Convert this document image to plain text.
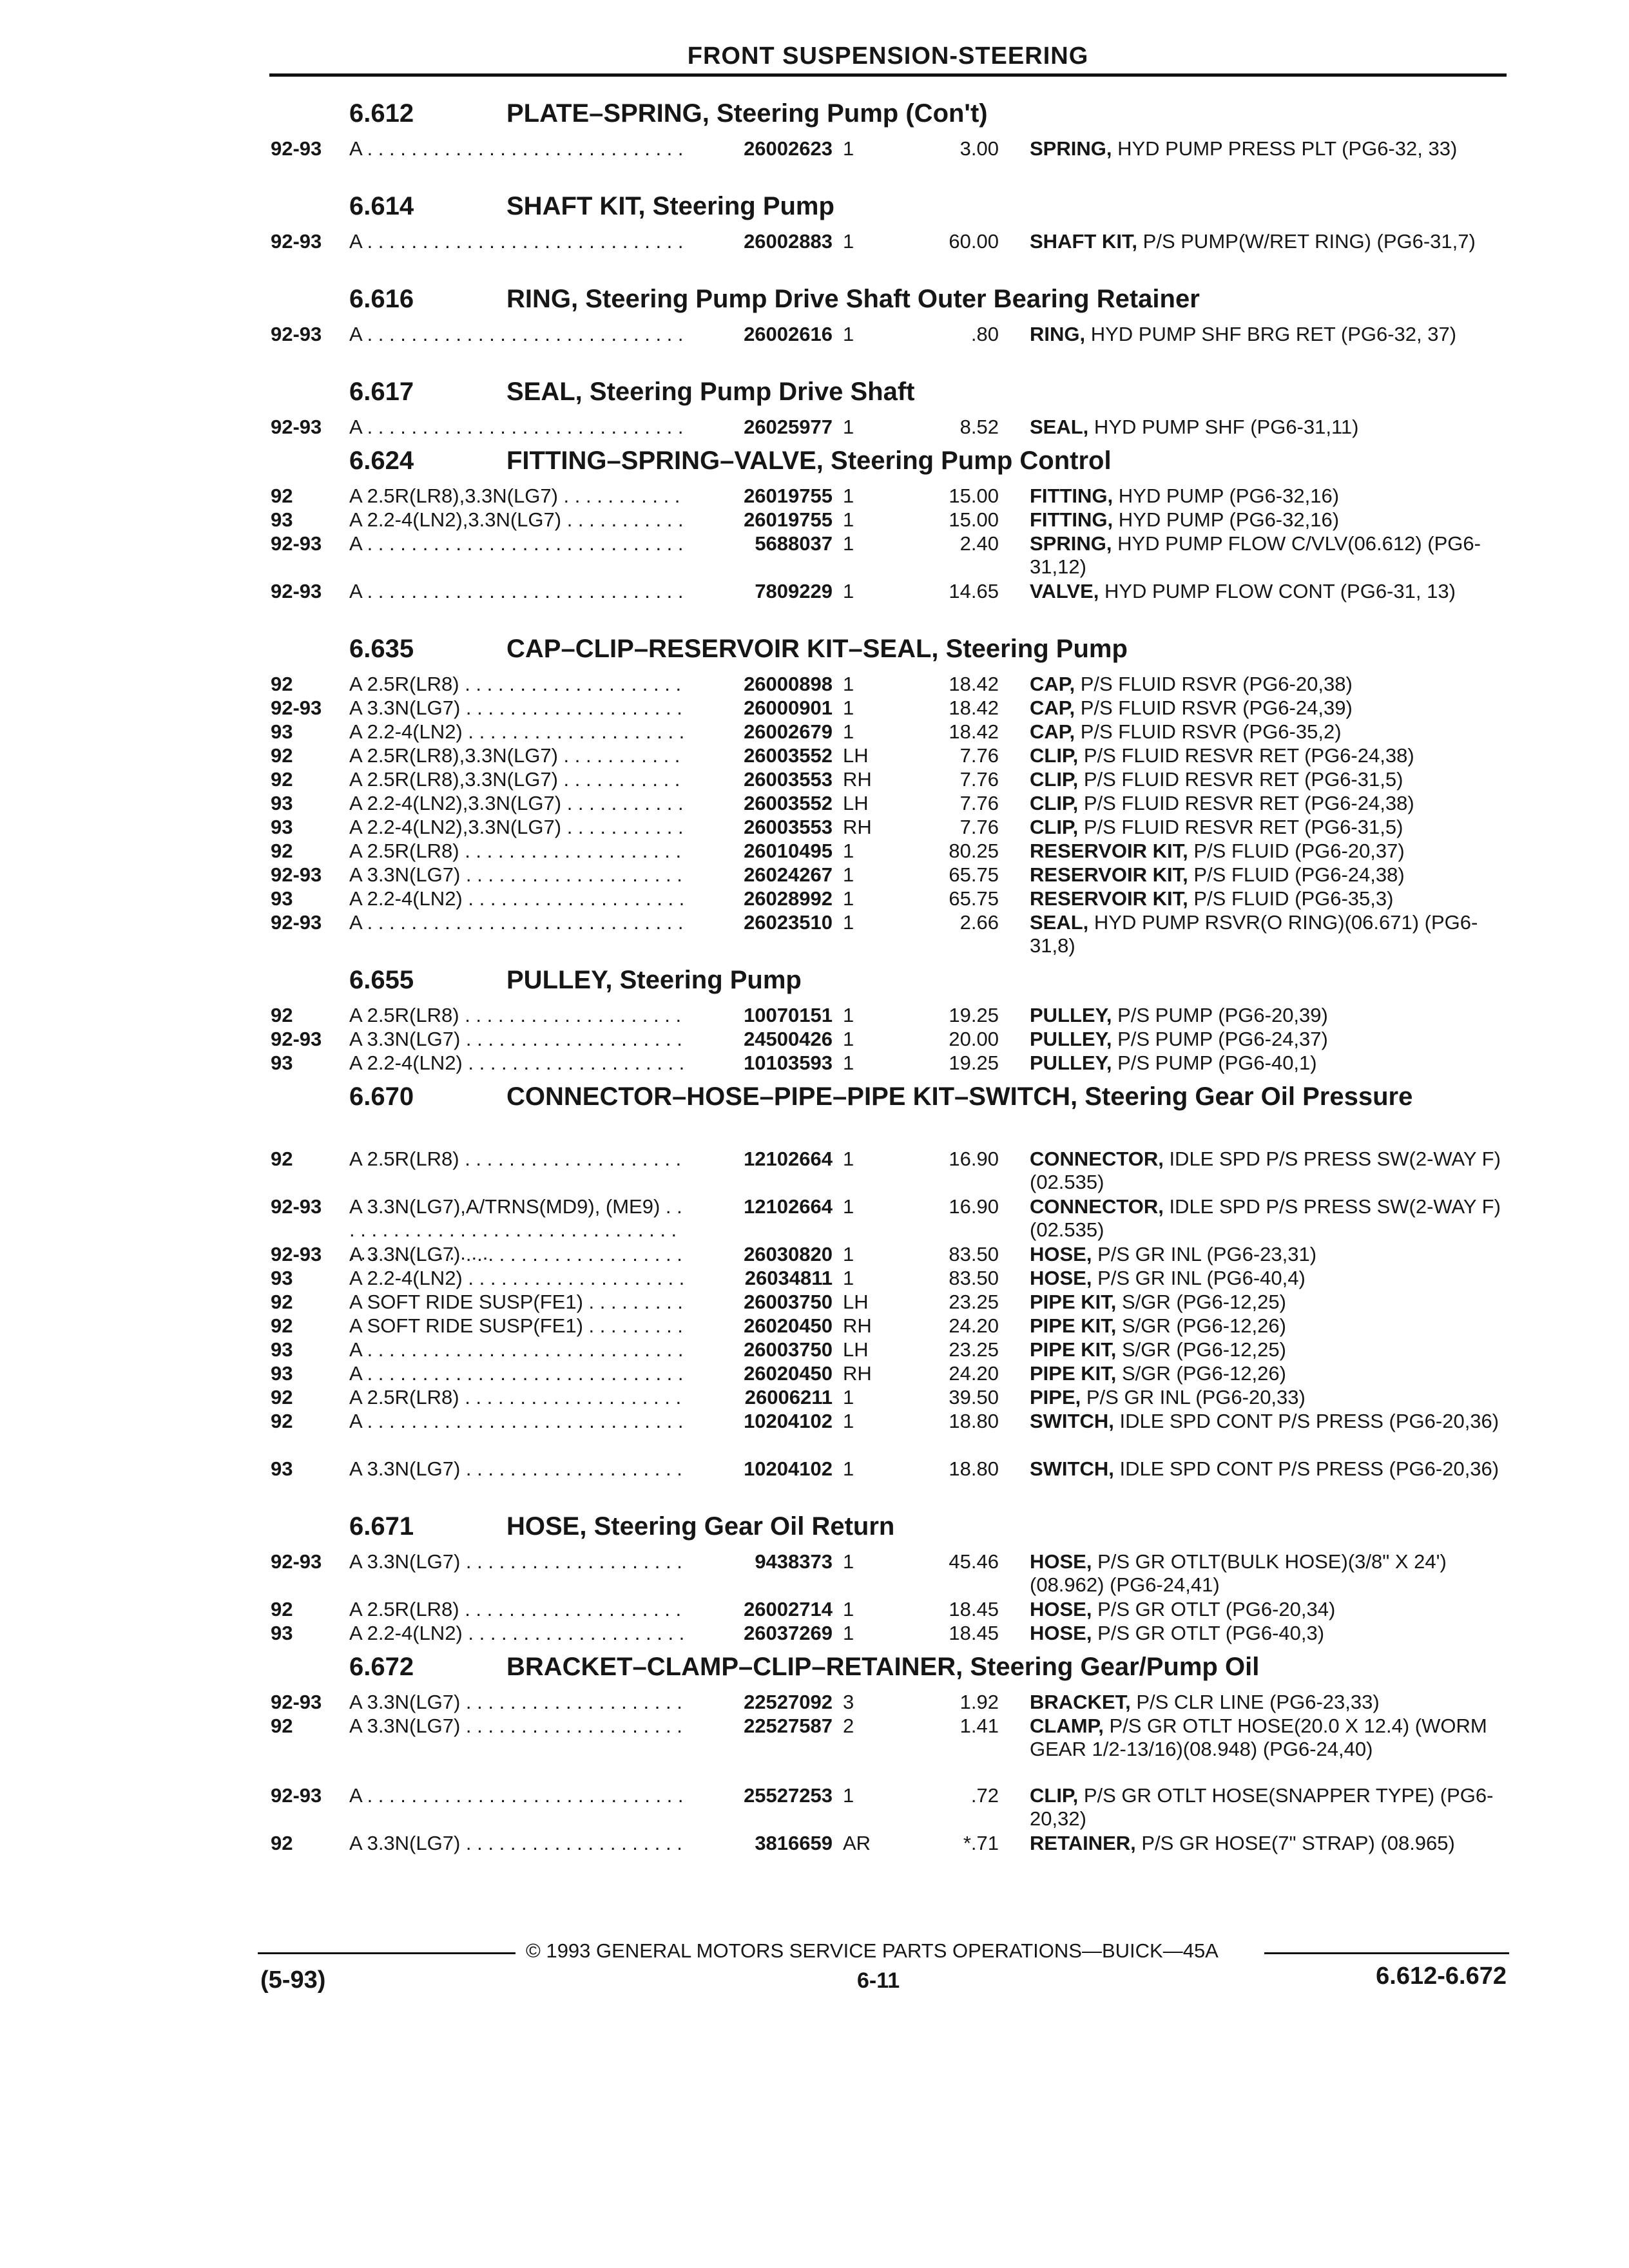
FRONT SUSPENSION-STEERING
6.612	PLATE–SPRING, Steering Pump (Con't)
92-93 A . . .	26002623 1	3.00 SPRING, HYD PUMP PRESS PLT (PG6-32, 33)
6.614	SHAFT KIT, Steering Pump
92-93 A . . .	26002883 1	60.00 SHAFT KIT, P/S PUMP(W/RET RING) (PG6-31,7)
6.616	RING, Steering Pump Drive Shaft Outer Bearing Retainer
92-93 A . . .	26002616 1	.80 RING, HYD PUMP SHF BRG RET (PG6-32, 37)
6.617	SEAL, Steering Pump Drive Shaft
92-93 A . . .	26025977 1	8.52 SEAL, HYD PUMP SHF (PG6-31,11)
6.624	FITTING–SPRING–VALVE, Steering Pump Control
92	A 2.5R(LR8),3.3N(LG7) . . .	26019755 1	15.00 FITTING, HYD PUMP (PG6-32,16)
93	A 2.2-4(LN2),3.3N(LG7) . . .	26019755 1	15.00 FITTING, HYD PUMP (PG6-32,16)
92-93 A . . .	5688037 1	2.40 SPRING, HYD PUMP FLOW C/VLV(06.612) (PG6-31,12)
92-93 A . . .	7809229 1	14.65 VALVE, HYD PUMP FLOW CONT (PG6-31, 13)
6.635	CAP–CLIP–RESERVOIR KIT–SEAL, Steering Pump
92	A 2.5R(LR8) . . .	26000898 1	18.42 CAP, P/S FLUID RSVR (PG6-20,38)
92-93 A 3.3N(LG7) . . .	26000901 1	18.42 CAP, P/S FLUID RSVR (PG6-24,39)
93	A 2.2-4(LN2) . . .	26002679 1	18.42 CAP, P/S FLUID RSVR (PG6-35,2)
92	A 2.5R(LR8),3.3N(LG7) . . .	26003552 LH	7.76 CLIP, P/S FLUID RESVR RET (PG6-24,38)
92	A 2.5R(LR8),3.3N(LG7) . . .	26003553 RH	7.76 CLIP, P/S FLUID RESVR RET (PG6-31,5)
93	A 2.2-4(LN2),3.3N(LG7) . . .	26003552 LH	7.76 CLIP, P/S FLUID RESVR RET (PG6-24,38)
93	A 2.2-4(LN2),3.3N(LG7) . . .	26003553 RH	7.76 CLIP, P/S FLUID RESVR RET (PG6-31,5)
92	A 2.5R(LR8) . . .	26010495 1	80.25 RESERVOIR KIT, P/S FLUID (PG6-20,37)
92-93 A 3.3N(LG7) . . .	26024267 1	65.75 RESERVOIR KIT, P/S FLUID (PG6-24,38)
93	A 2.2-4(LN2) . . .	26028992 1	65.75 RESERVOIR KIT, P/S FLUID (PG6-35,3)
92-93 A . . .	26023510 1	2.66 SEAL, HYD PUMP RSVR(O RING)(06.671) (PG6-31,8)
6.655	PULLEY, Steering Pump
92	A 2.5R(LR8) . . .	10070151 1	19.25 PULLEY, P/S PUMP (PG6-20,39)
92-93 A 3.3N(LG7) . . .	24500426 1	20.00 PULLEY, P/S PUMP (PG6-24,37)
93	A 2.2-4(LN2) . . .	10103593 1	19.25 PULLEY, P/S PUMP (PG6-40,1)
6.670	CONNECTOR–HOSE–PIPE–PIPE KIT–SWITCH, Steering Gear Oil Pressure
92	A 2.5R(LR8) . . .	12102664 1	16.90 CONNECTOR, IDLE SPD P/S PRESS SW(2-WAY F)(02.535)
92-93 A 3.3N(LG7),A/TRNS(MD9), (ME9) . . .	12102664 1	16.90 CONNECTOR, IDLE SPD P/S PRESS SW(2-WAY F)(02.535)
92-93 A 3.3N(LG7) . . .	26030820 1	83.50 HOSE, P/S GR INL (PG6-23,31)
93	A 2.2-4(LN2) . . .	26034811 1	83.50 HOSE, P/S GR INL (PG6-40,4)
92	A SOFT RIDE SUSP(FE1) . . .	26003750 LH	23.25 PIPE KIT, S/GR (PG6-12,25)
92	A SOFT RIDE SUSP(FE1) . . .	26020450 RH	24.20 PIPE KIT, S/GR (PG6-12,26)
93	A . . .	26003750 LH	23.25 PIPE KIT, S/GR (PG6-12,25)
93	A . . .	26020450 RH	24.20 PIPE KIT, S/GR (PG6-12,26)
92	A 2.5R(LR8) . . .	26006211 1	39.50 PIPE, P/S GR INL (PG6-20,33)
92	A . . .	10204102 1	18.80 SWITCH, IDLE SPD CONT P/S PRESS (PG6-20,36)
93	A 3.3N(LG7) . . .	10204102 1	18.80 SWITCH, IDLE SPD CONT P/S PRESS (PG6-20,36)
6.671	HOSE, Steering Gear Oil Return
92-93 A 3.3N(LG7) . . .	9438373 1	45.46 HOSE, P/S GR OTLT(BULK HOSE)(3/8" X 24')(08.962) (PG6-24,41)
92	A 2.5R(LR8) . . .	26002714 1	18.45 HOSE, P/S GR OTLT (PG6-20,34)
93	A 2.2-4(LN2) . . .	26037269 1	18.45 HOSE, P/S GR OTLT (PG6-40,3)
6.672	BRACKET–CLAMP–CLIP–RETAINER, Steering Gear/Pump Oil
92-93 A 3.3N(LG7) . . .	22527092 3	1.92 BRACKET, P/S CLR LINE (PG6-23,33)
92	A 3.3N(LG7) . . .	22527587 2	1.41 CLAMP, P/S GR OTLT HOSE(20.0 X 12.4) (WORM GEAR 1/2-13/16)(08.948) (PG6-24,40)
92-93 A . . .	25527253 1	.72 CLIP, P/S GR OTLT HOSE(SNAPPER TYPE) (PG6-20,32)
92	A 3.3N(LG7) . . .	3816659 AR	*.71 RETAINER, P/S GR HOSE(7" STRAP) (08.965)
© 1993 GENERAL MOTORS SERVICE PARTS OPERATIONS—BUICK—45A
(5-93)	6-11	6.612-6.672
